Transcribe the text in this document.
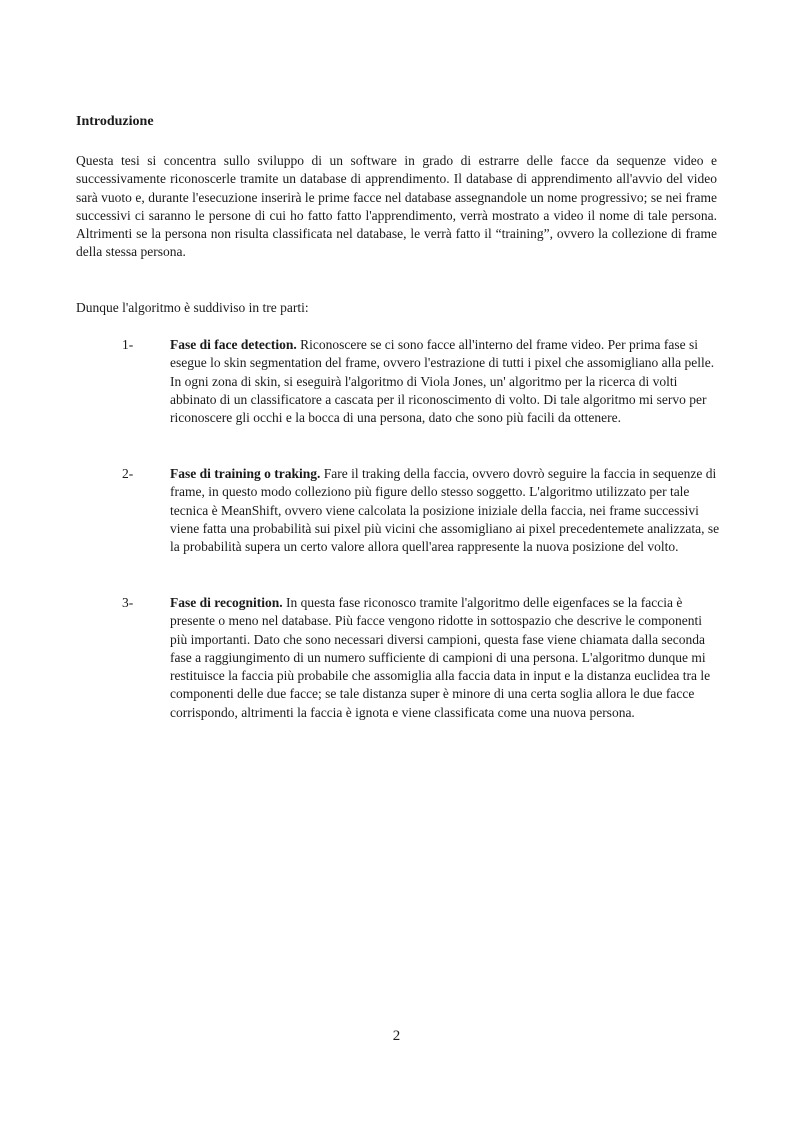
Introduzione

Questa tesi si concentra sullo sviluppo di un software in grado di estrarre delle facce da sequenze video e successivamente riconoscerle tramite un database di apprendimento. Il database di apprendimento all'avvio del video sarà vuoto e, durante l'esecuzione inserirà le prime facce nel database assegnandole un nome progressivo; se nei frame successivi ci saranno le persone di cui ho fatto fatto l'apprendimento, verrà mostrato a video il nome di tale persona. Altrimenti se la persona non risulta classificata nel database, le verrà fatto il “training”, ovvero la collezione di frame della stessa persona.

Dunque l'algoritmo è suddiviso in tre parti:

1-	Fase di face detection. Riconoscere se ci sono facce all'interno del frame video. Per prima fase si esegue lo skin segmentation del frame, ovvero l'estrazione di tutti i pixel che assomigliano alla pelle. In ogni zona di skin, si eseguirà l'algoritmo di Viola Jones, un' algoritmo per la ricerca di volti abbinato di un classificatore a cascata per il riconoscimento di volto. Di tale algoritmo mi servo per riconoscere gli occhi e la bocca di una persona, dato che sono più facili da ottenere.
2-	Fase di training o traking. Fare il traking della faccia, ovvero dovrò seguire la faccia in sequenze di frame, in questo modo colleziono più figure dello stesso soggetto. L'algoritmo utilizzato per tale tecnica è MeanShift, ovvero viene calcolata la posizione iniziale della faccia, nei frame successivi viene fatta una probabilità sui pixel più vicini che assomigliano ai pixel precedentemete analizzata, se la probabilità supera un certo valore allora quell'area rappresente la nuova posizione del volto.
3-	Fase di recognition. In questa fase riconosco tramite l'algoritmo delle eigenfaces se la faccia è presente o meno nel database. Più facce vengono ridotte in sottospazio che descrive le componenti più importanti. Dato che sono necessari diversi campioni, questa fase viene chiamata dalla seconda fase a raggiungimento di un numero sufficiente di campioni di una persona. L'algoritmo dunque mi restituisce la faccia più probabile che assomiglia alla faccia data in input e la distanza euclidea tra le componenti delle due facce; se tale distanza super è minore di una certa soglia allora le due facce corrispondo, altrimenti la faccia è ignota e viene classificata come una nuova persona.
2
